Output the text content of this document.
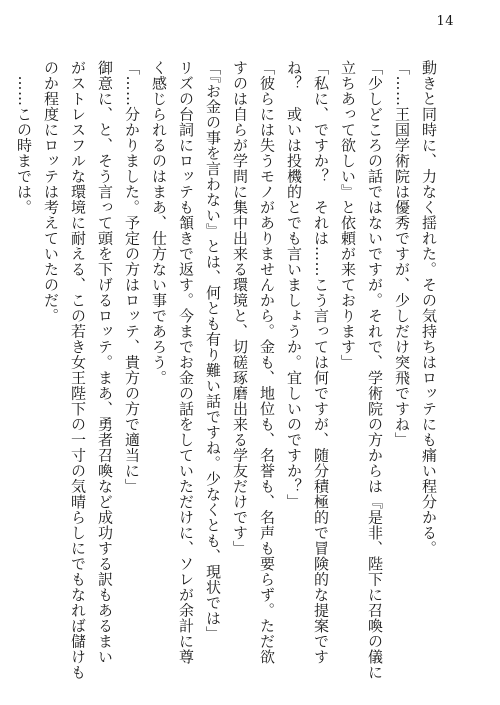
14
動きと同時に、力なく揺れた。その気持ちはロッテにも痛い程分かる。
「……王国学術院は優秀ですが、少しだけ突飛ですね」
「少しどころの話ではないですが。それで、学術院の方からは『是非、陛下に召喚の儀に
立ちあって欲しい』と依頼が来ております」
「私に、ですか？　それは……こう言っては何ですが、随分積極的で冒険的な提案です
ね？　或いは投機的とでも言いましょうか。宜しいのですか？」
「彼らには失うモノがありませんから。金も、地位も、名誉も、名声も要らず。ただ欲
すのは自らが学問に集中出来る環境と、切磋琢磨出来る学友だけです」
「『お金の事を言わない』とは、何とも有り難い話ですね。少なくとも、現状では」
リズの台詞にロッテも頷きで返す。今までお金の話をしていただけに、ソレが余計に尊
く感じられるのはまあ、仕方ない事であろう。
「……分かりました。予定の方はロッテ、貴方の方で適当に」
御意に、と、そう言って頭を下げるロッテ。まあ、勇者召喚など成功する訳もあるまい
がストレスフルな環境に耐える、この若き女王陛下の一寸の気晴らしにでもなれば儲けも
のか程度にロッテは考えていたのだ。
　……この時までは。
